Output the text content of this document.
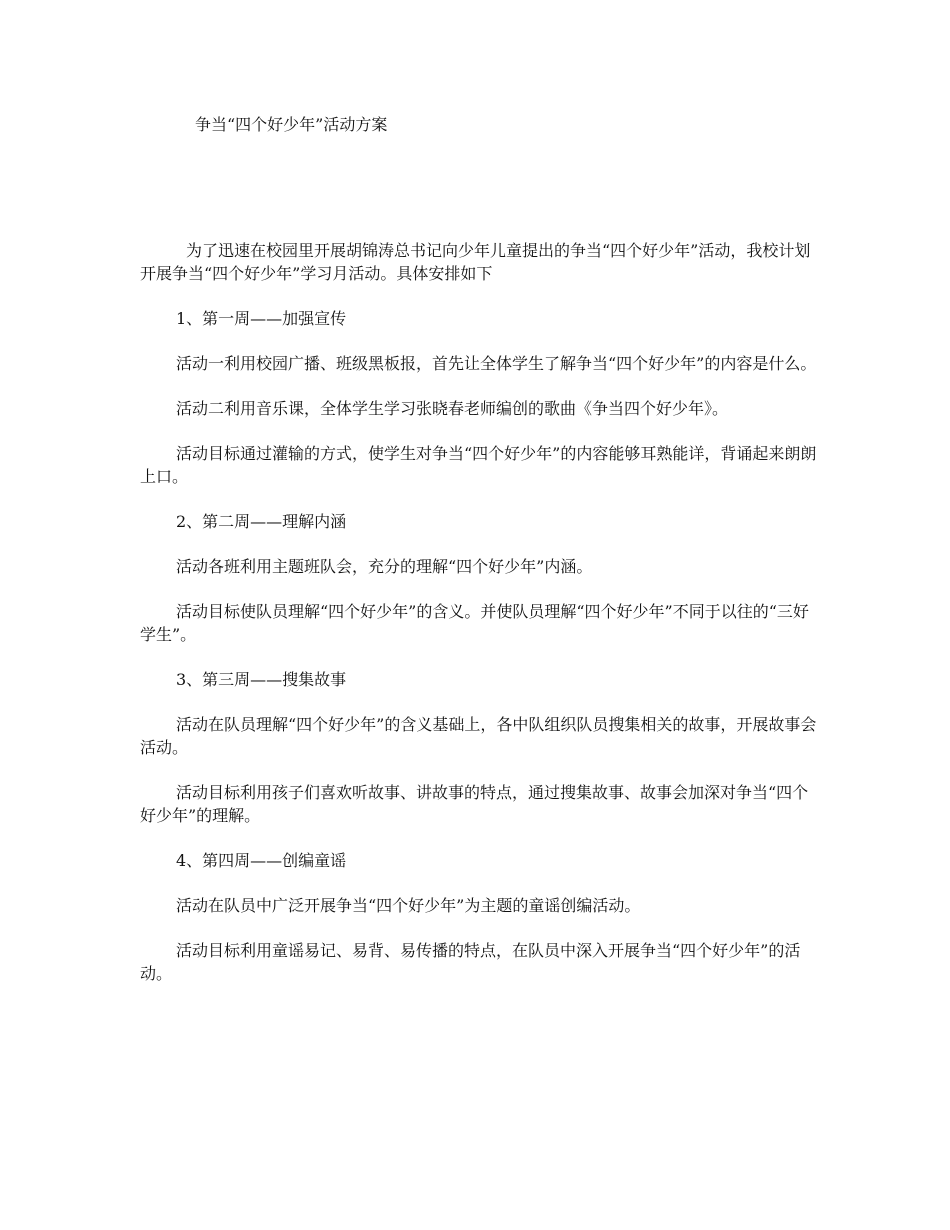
争当“四个好少年”活动方案

为了迅速在校园里开展胡锦涛总书记向少年儿童提出的争当“四个好少年”活动，我校计划开展争当“四个好少年”学习月活动。具体安排如下

1、第一周——加强宣传

活动一利用校园广播、班级黑板报，首先让全体学生了解争当“四个好少年”的内容是什么。

活动二利用音乐课，全体学生学习张晓春老师编创的歌曲《争当四个好少年》。

活动目标通过灌输的方式，使学生对争当“四个好少年”的内容能够耳熟能详，背诵起来朗朗上口。

2、第二周——理解内涵

活动各班利用主题班队会，充分的理解“四个好少年”内涵。

活动目标使队员理解“四个好少年”的含义。并使队员理解“四个好少年”不同于以往的“三好学生”。

3、第三周——搜集故事

活动在队员理解“四个好少年”的含义基础上，各中队组织队员搜集相关的故事，开展故事会活动。

活动目标利用孩子们喜欢听故事、讲故事的特点，通过搜集故事、故事会加深对争当“四个好少年”的理解。

4、第四周——创编童谣

活动在队员中广泛开展争当“四个好少年”为主题的童谣创编活动。

活动目标利用童谣易记、易背、易传播的特点，在队员中深入开展争当“四个好少年”的活动。
